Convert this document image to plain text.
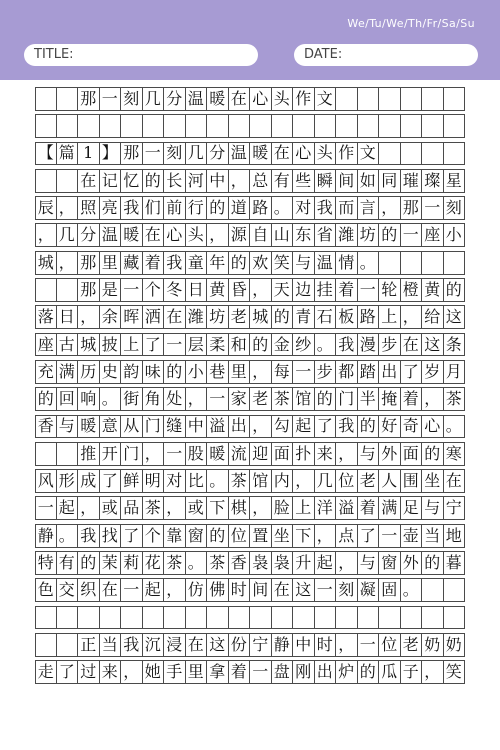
We/Tu/We/Th/Fr/Sa/Su
TITLE:	DATE:
那 一 刻 几 分 温 暖 在 心 头 作 文
【 篇 1 】 那 一 刻 几 分 温 暖 在 心 头 作 文
在 记 忆 的 长 河 中 ， 总 有 些 瞬 间 如 同 璀 璨 星
辰 ， 照 亮 我 们 前 行 的 道 路 。 对 我 而 言 ， 那 一 刻
， 几 分 温 暖 在 心 头 ， 源 自 山 东 省 潍 坊 的 一 座 小
城 ， 那 里 藏 着 我 童 年 的 欢 笑 与 温 情 。
那 是 一 个 冬 日 黄 昏 ， 天 边 挂 着 一 轮 橙 黄 的
落 日 ， 余 晖 洒 在 潍 坊 老 城 的 青 石 板 路 上 ， 给 这
座 古 城 披 上 了 一 层 柔 和 的 金 纱 。 我 漫 步 在 这 条
充 满 历 史 韵 味 的 小 巷 里 ， 每 一 步 都 踏 出 了 岁 月
的 回 响 。 街 角 处 ， 一 家 老 茶 馆 的 门 半 掩 着 ， 茶
香 与 暖 意 从 门 缝 中 溢 出 ， 勾 起 了 我 的 好 奇 心 。
推 开 门 ， 一 股 暖 流 迎 面 扑 来 ， 与 外 面 的 寒
风 形 成 了 鲜 明 对 比 。 茶 馆 内 ， 几 位 老 人 围 坐 在
一 起 ， 或 品 茶 ， 或 下 棋 ， 脸 上 洋 溢 着 满 足 与 宁
静 。 我 找 了 个 靠 窗 的 位 置 坐 下 ， 点 了 一 壶 当 地
特 有 的 茉 莉 花 茶 。 茶 香 袅 袅 升 起 ， 与 窗 外 的 暮
色 交 织 在 一 起 ， 仿 佛 时 间 在 这 一 刻 凝 固 。
正 当 我 沉 浸 在 这 份 宁 静 中 时 ， 一 位 老 奶 奶
走 了 过 来 ， 她 手 里 拿 着 一 盘 刚 出 炉 的 瓜 子 ， 笑
